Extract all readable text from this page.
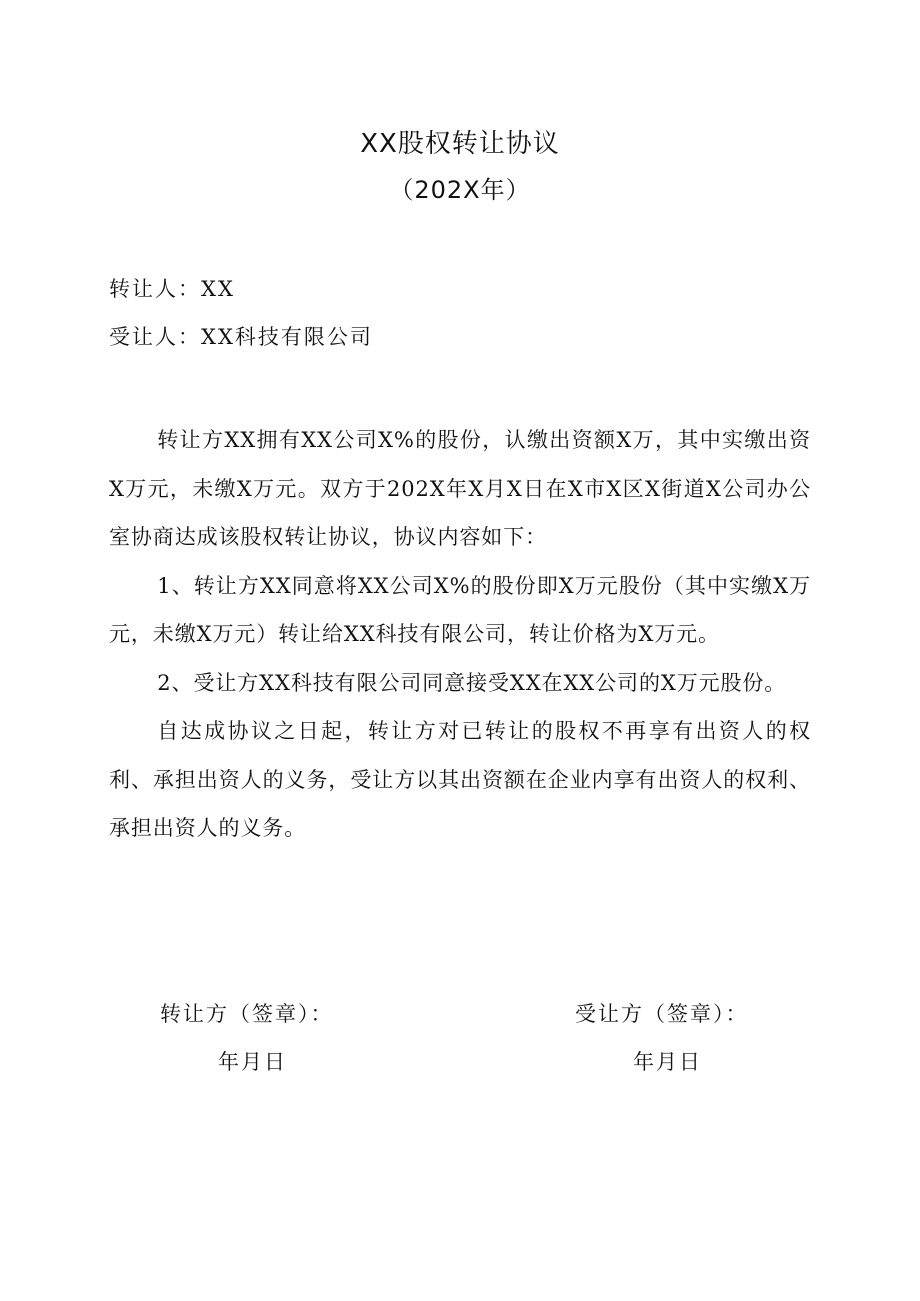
XX股权转让协议
（202X年）
转让人：XX
受让人：XX科技有限公司

转让方XX拥有XX公司X%的股份，认缴出资额X万，其中实缴出资X万元，未缴X万元。双方于202X年X月X日在X市X区X街道X公司办公室协商达成该股权转让协议，协议内容如下：

1、转让方XX同意将XX公司X%的股份即X万元股份（其中实缴X万元，未缴X万元）转让给XX科技有限公司，转让价格为X万元。

2、受让方XX科技有限公司同意接受XX在XX公司的X万元股份。

自达成协议之日起，转让方对已转让的股权不再享有出资人的权利、承担出资人的义务，受让方以其出资额在企业内享有出资人的权利、承担出资人的义务。

转让方（签章）：
年月日
受让方（签章）：
年月日
